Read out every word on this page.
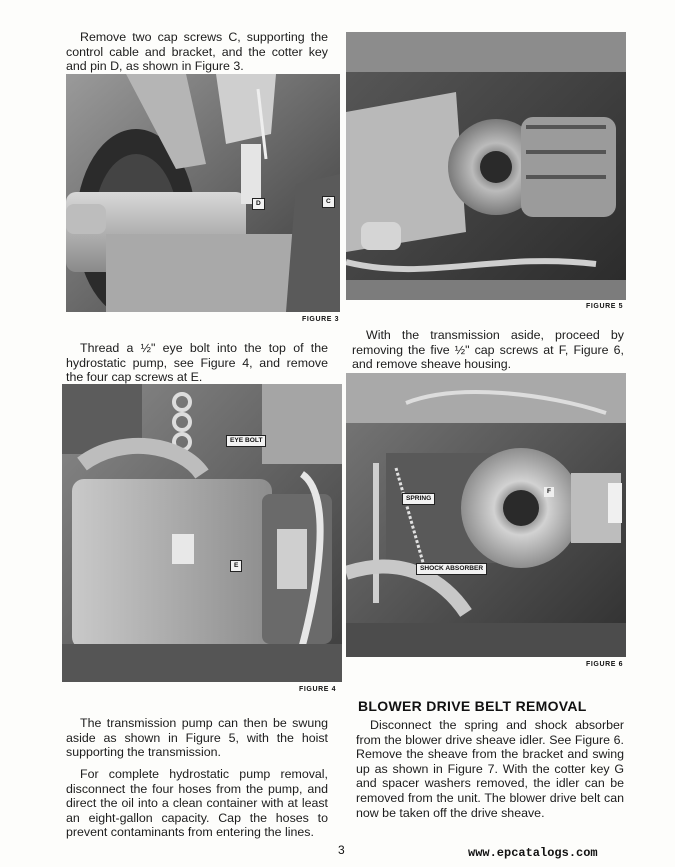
Remove two cap screws C, supporting the control cable and bracket, and the cotter key and pin D, as shown in Figure 3.

D	C
FIGURE 3
FIGURE 5

Thread a ½" eye bolt into the top of the hydrostatic pump, see Figure 4, and remove the four cap screws at E.

With the transmission aside, proceed by removing the five ½" cap screws at F, Figure 6, and remove sheave housing.

EYE BOLT
E
FIGURE 4
SPRING
F
SHOCK ABSORBER
FIGURE 6
BLOWER DRIVE BELT REMOVAL

The transmission pump can then be swung aside as shown in Figure 5, with the hoist supporting the transmission.

For complete hydrostatic pump removal, disconnect the four hoses from the pump, and direct the oil into a clean container with at least an eight-gallon capacity. Cap the hoses to prevent contaminants from entering the lines.

Disconnect the spring and shock absorber from the blower drive sheave idler. See Figure 6. Remove the sheave from the bracket and swing up as shown in Figure 7. With the cotter key G and spacer washers removed, the idler can be removed from the unit. The blower drive belt can now be taken off the drive sheave.

3	www.epcatalogs.com
